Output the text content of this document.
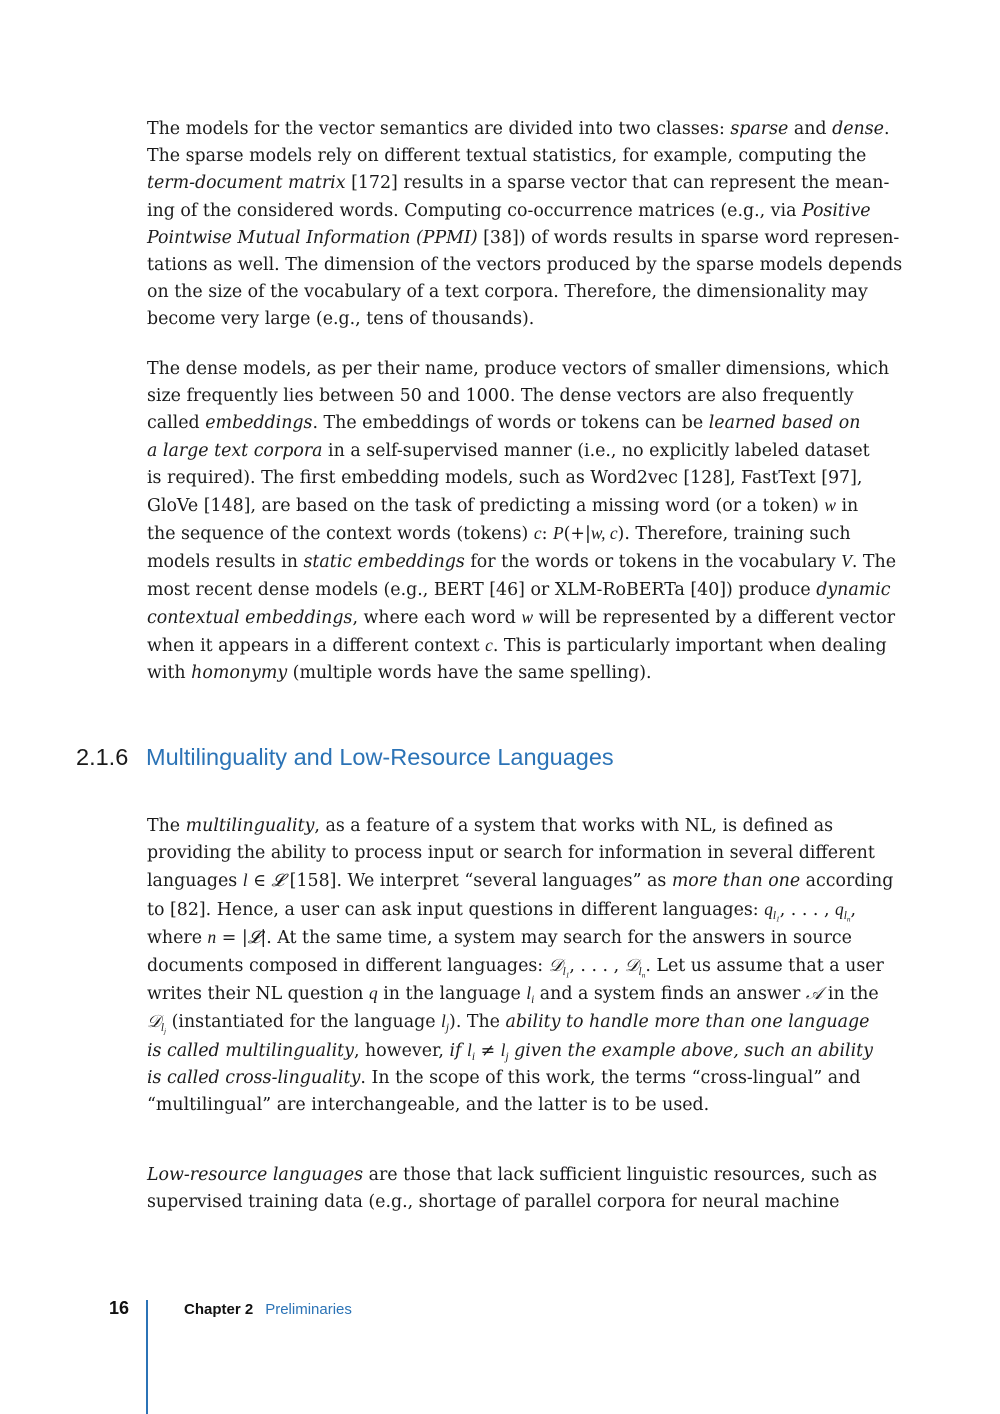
The models for the vector semantics are divided into two classes: sparse and dense.
The sparse models rely on different textual statistics, for example, computing the
term-document matrix [172] results in a sparse vector that can represent the mean-
ing of the considered words. Computing co-occurrence matrices (e.g., via Positive
Pointwise Mutual Information (PPMI) [38]) of words results in sparse word represen-
tations as well. The dimension of the vectors produced by the sparse models depends
on the size of the vocabulary of a text corpora. Therefore, the dimensionality may
become very large (e.g., tens of thousands).
The dense models, as per their name, produce vectors of smaller dimensions, which
size frequently lies between 50 and 1000. The dense vectors are also frequently
called embeddings. The embeddings of words or tokens can be learned based on
a large text corpora in a self-supervised manner (i.e., no explicitly labeled dataset
is required). The first embedding models, such as Word2vec [128], FastText [97],
GloVe [148], are based on the task of predicting a missing word (or a token) w in
the sequence of the context words (tokens) c: P(+|w, c). Therefore, training such
models results in static embeddings for the words or tokens in the vocabulary V. The
most recent dense models (e.g., BERT [46] or XLM-RoBERTa [40]) produce dynamic
contextual embeddings, where each word w will be represented by a different vector
when it appears in a different context c. This is particularly important when dealing
with homonymy (multiple words have the same spelling).
2.1.6 Multilinguality and Low-Resource Languages
The multilinguality, as a feature of a system that works with NL, is defined as
providing the ability to process input or search for information in several different
languages l ∈ 𝓛 [158]. We interpret “several languages” as more than one according
to [82]. Hence, a user can ask input questions in different languages: $q_{l_1}$, . . . , $q_{l_n}$,
where n = |𝓛|. At the same time, a system may search for the answers in source
documents composed in different languages: 𝒟$_{l_1}$, . . . , 𝒟$_{l_n}$. Let us assume that a user
writes their NL question q in the language $l_i$ and a system finds an answer 𝒜 in the
𝒟$_{l_j}$ (instantiated for the language $l_j$). The ability to handle more than one language
is called multilinguality, however, if $l_i \ne l_j$ given the example above, such an ability
is called cross-linguality. In the scope of this work, the terms “cross-lingual” and
“multilingual” are interchangeable, and the latter is to be used.
Low-resource languages are those that lack sufficient linguistic resources, such as
supervised training data (e.g., shortage of parallel corpora for neural machine
16	Chapter 2 Preliminaries
